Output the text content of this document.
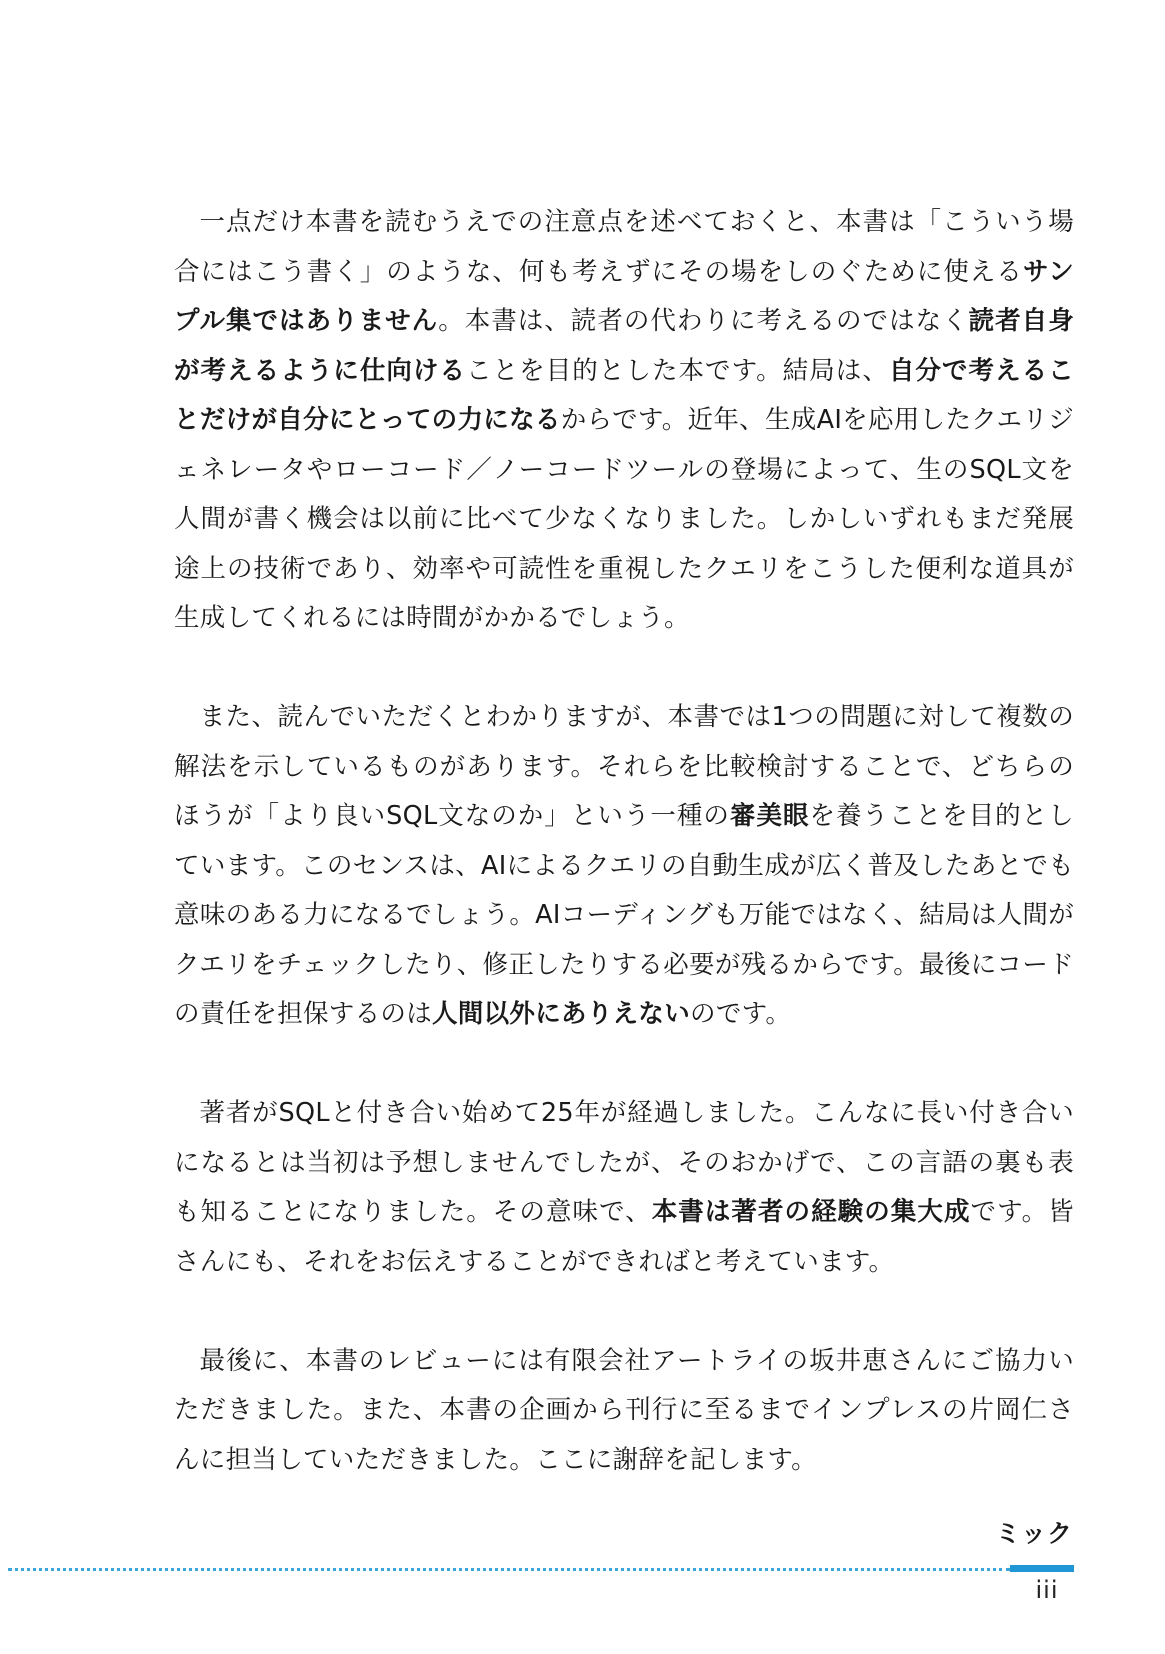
一点だけ本書を読むうえでの注意点を述べておくと、本書は「こういう場合にはこう書く」のような、何も考えずにその場をしのぐために使えるサンプル集ではありません。本書は、読者の代わりに考えるのではなく読者自身が考えるように仕向けることを目的とした本です。結局は、自分で考えることだけが自分にとっての力になるからです。近年、生成AIを応用したクエリジェネレータやローコード／ノーコードツールの登場によって、生のSQL文を人間が書く機会は以前に比べて少なくなりました。しかしいずれもまだ発展途上の技術であり、効率や可読性を重視したクエリをこうした便利な道具が生成してくれるには時間がかかるでしょう。

また、読んでいただくとわかりますが、本書では1つの問題に対して複数の解法を示しているものがあります。それらを比較検討することで、どちらのほうが「より良いSQL文なのか」という一種の審美眼を養うことを目的としています。このセンスは、AIによるクエリの自動生成が広く普及したあとでも意味のある力になるでしょう。AIコーディングも万能ではなく、結局は人間がクエリをチェックしたり、修正したりする必要が残るからです。最後にコードの責任を担保するのは人間以外にありえないのです。

著者がSQLと付き合い始めて25年が経過しました。こんなに長い付き合いになるとは当初は予想しませんでしたが、そのおかげで、この言語の裏も表も知ることになりました。その意味で、本書は著者の経験の集大成です。皆さんにも、それをお伝えすることができればと考えています。

最後に、本書のレビューには有限会社アートライの坂井恵さんにご協力いただきました。また、本書の企画から刊行に至るまでインプレスの片岡仁さんに担当していただきました。ここに謝辞を記します。

ミック
iii
